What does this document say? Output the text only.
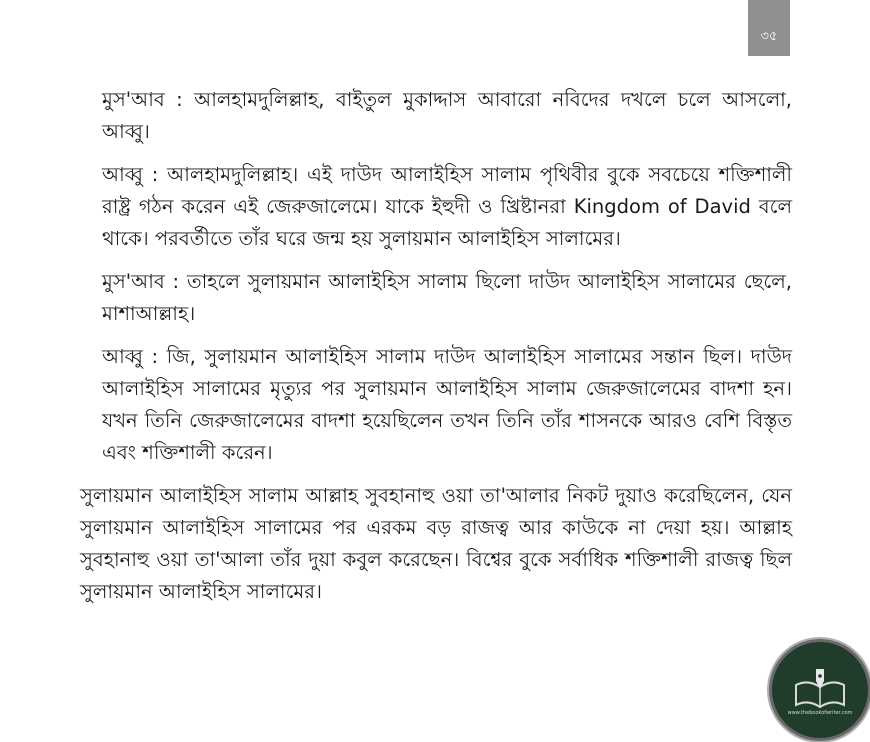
৩৫

মুস'আব : আলহামদুলিল্লাহ, বাইতুল মুকাদ্দাস আবারো নবিদের দখলে চলে আসলো, আব্বু।

আব্বু : আলহামদুলিল্লাহ। এই দাউদ আলাইহিস সালাম পৃথিবীর বুকে সবচেয়ে শক্তিশালী রাষ্ট্র গঠন করেন এই জেরুজালেমে। যাকে ইহুদী ও খ্রিষ্টানরা Kingdom of David বলে থাকে। পরবর্তীতে তাঁর ঘরে জন্ম হয় সুলায়মান আলাইহিস সালামের।

মুস'আব : তাহলে সুলায়মান আলাইহিস সালাম ছিলো দাউদ আলাইহিস সালামের ছেলে, মাশাআল্লাহ।

আব্বু : জি, সুলায়মান আলাইহিস সালাম দাউদ আলাইহিস সালামের সন্তান ছিল। দাউদ আলাইহিস সালামের মৃত্যুর পর সুলায়মান আলাইহিস সালাম জেরুজালেমের বাদশা হন। যখন তিনি জেরুজালেমের বাদশা হয়েছিলেন তখন তিনি তাঁর শাসনকে আরও বেশি বিস্তৃত এবং শক্তিশালী করেন।

সুলায়মান আলাইহিস সালাম আল্লাহ সুবহানাহু ওয়া তা'আলার নিকট দুয়াও করেছিলেন, যেন সুলায়মান আলাইহিস সালামের পর এরকম বড় রাজত্ব আর কাউকে না দেয়া হয়। আল্লাহ সুবহানাহু ওয়া তা'আলা তাঁর দুয়া কবুল করেছেন। বিশ্বের বুকে সর্বাধিক শক্তিশালী রাজত্ব ছিল সুলায়মান আলাইহিস সালামের।

www.thebookofwriter.com
